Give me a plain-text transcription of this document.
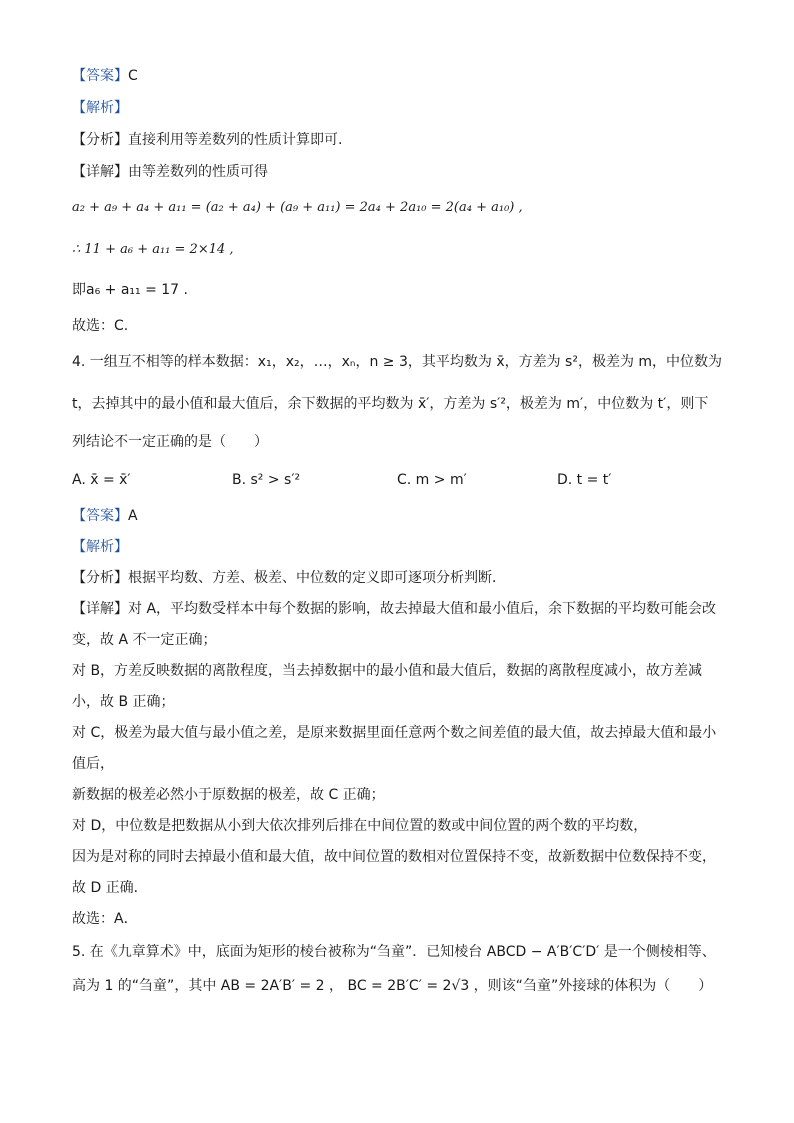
【答案】C
【解析】
【分析】直接利用等差数列的性质计算即可.
【详解】由等差数列的性质可得
a₂ + a₉ + a₄ + a₁₁ = (a₂ + a₄) + (a₉ + a₁₁) = 2a₄ + 2a₁₀ = 2(a₄ + a₁₀) ,
∴ 11 + a₆ + a₁₁ = 2×14 ,
即a₆ + a₁₁ = 17 .
故选：C.
4. 一组互不相等的样本数据：x₁，x₂，…，xₙ，n ≥ 3，其平均数为 x̄，方差为 s²，极差为 m，中位数为
t，去掉其中的最小值和最大值后，余下数据的平均数为 x̄′，方差为 s′²，极差为 m′，中位数为 t′，则下
列结论不一定正确的是（　　）
A. x̄ = x̄′	B. s² > s′²	C. m > m′	D. t = t′
【答案】A
【解析】
【分析】根据平均数、方差、极差、中位数的定义即可逐项分析判断．
【详解】对 A，平均数受样本中每个数据的影响，故去掉最大值和最小值后，余下数据的平均数可能会改
变，故 A 不一定正确；
对 B，方差反映数据的离散程度，当去掉数据中的最小值和最大值后，数据的离散程度减小，故方差减
小，故 B 正确；
对 C，极差为最大值与最小值之差，是原来数据里面任意两个数之间差值的最大值，故去掉最大值和最小
值后，
新数据的极差必然小于原数据的极差，故 C 正确；
对 D，中位数是把数据从小到大依次排列后排在中间位置的数或中间位置的两个数的平均数，
因为是对称的同时去掉最小值和最大值，故中间位置的数相对位置保持不变，故新数据中位数保持不变，
故 D 正确．
故选：A．
5. 在《九章算术》中，底面为矩形的棱台被称为“刍童”．已知棱台 ABCD − A′B′C′D′ 是一个侧棱相等、
高为 1 的“刍童”，其中 AB = 2A′B′ = 2 ， BC = 2B′C′ = 2√3 ，则该“刍童”外接球的体积为（　　）
